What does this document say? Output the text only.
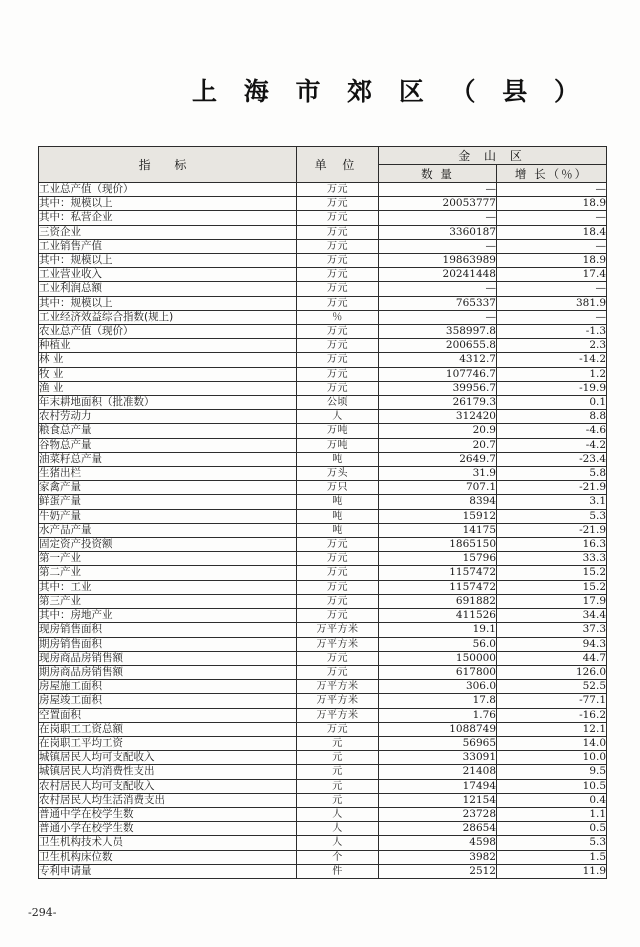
上 海 市 郊 区 （ 县 ）
指 标	单 位	金 山 区	
		数 量	增 长（％）
工业总产值（现价）	万元	—	—
其中：规模以上	万元	20053777	18.9
其中：私营企业	万元	—	—
三资企业	万元	3360187	18.4
工业销售产值	万元	—	—
其中：规模以上	万元	19863989	18.9
工业营业收入	万元	20241448	17.4
工业利润总额	万元	—	—
其中：规模以上	万元	765337	381.9
工业经济效益综合指数(规上)	％	—	—
农业总产值（现价）	万元	358997.8	-1.3
种植业	万元	200655.8	2.3
林 业	万元	4312.7	-14.2
牧 业	万元	107746.7	1.2
渔 业	万元	39956.7	-19.9
年末耕地面积（批准数）	公顷	26179.3	0.1
农村劳动力	人	312420	8.8
粮食总产量	万吨	20.9	-4.6
谷物总产量	万吨	20.7	-4.2
油菜籽总产量	吨	2649.7	-23.4
生猪出栏	万头	31.9	5.8
家禽产量	万只	707.1	-21.9
鲜蛋产量	吨	8394	3.1
牛奶产量	吨	15912	5.3
水产品产量	吨	14175	-21.9
固定资产投资额	万元	1865150	16.3
第一产业	万元	15796	33.3
第二产业	万元	1157472	15.2
其中：工业	万元	1157472	15.2
第三产业	万元	691882	17.9
其中：房地产业	万元	411526	34.4
现房销售面积	万平方米	19.1	37.3
期房销售面积	万平方米	56.0	94.3
现房商品房销售额	万元	150000	44.7
期房商品房销售额	万元	617800	126.0
房屋施工面积	万平方米	306.0	52.5
房屋竣工面积	万平方米	17.8	-77.1
空置面积	万平方米	1.76	-16.2
在岗职工工资总额	万元	1088749	12.1
在岗职工平均工资	元	56965	14.0
城镇居民人均可支配收入	元	33091	10.0
城镇居民人均消费性支出	元	21408	9.5
农村居民人均可支配收入	元	17494	10.5
农村居民人均生活消费支出	元	12154	0.4
普通中学在校学生数	人	23728	1.1
普通小学在校学生数	人	28654	0.5
卫生机构技术人员	人	4598	5.3
卫生机构床位数	个	3982	1.5
专利申请量	件	2512	11.9
-294-
